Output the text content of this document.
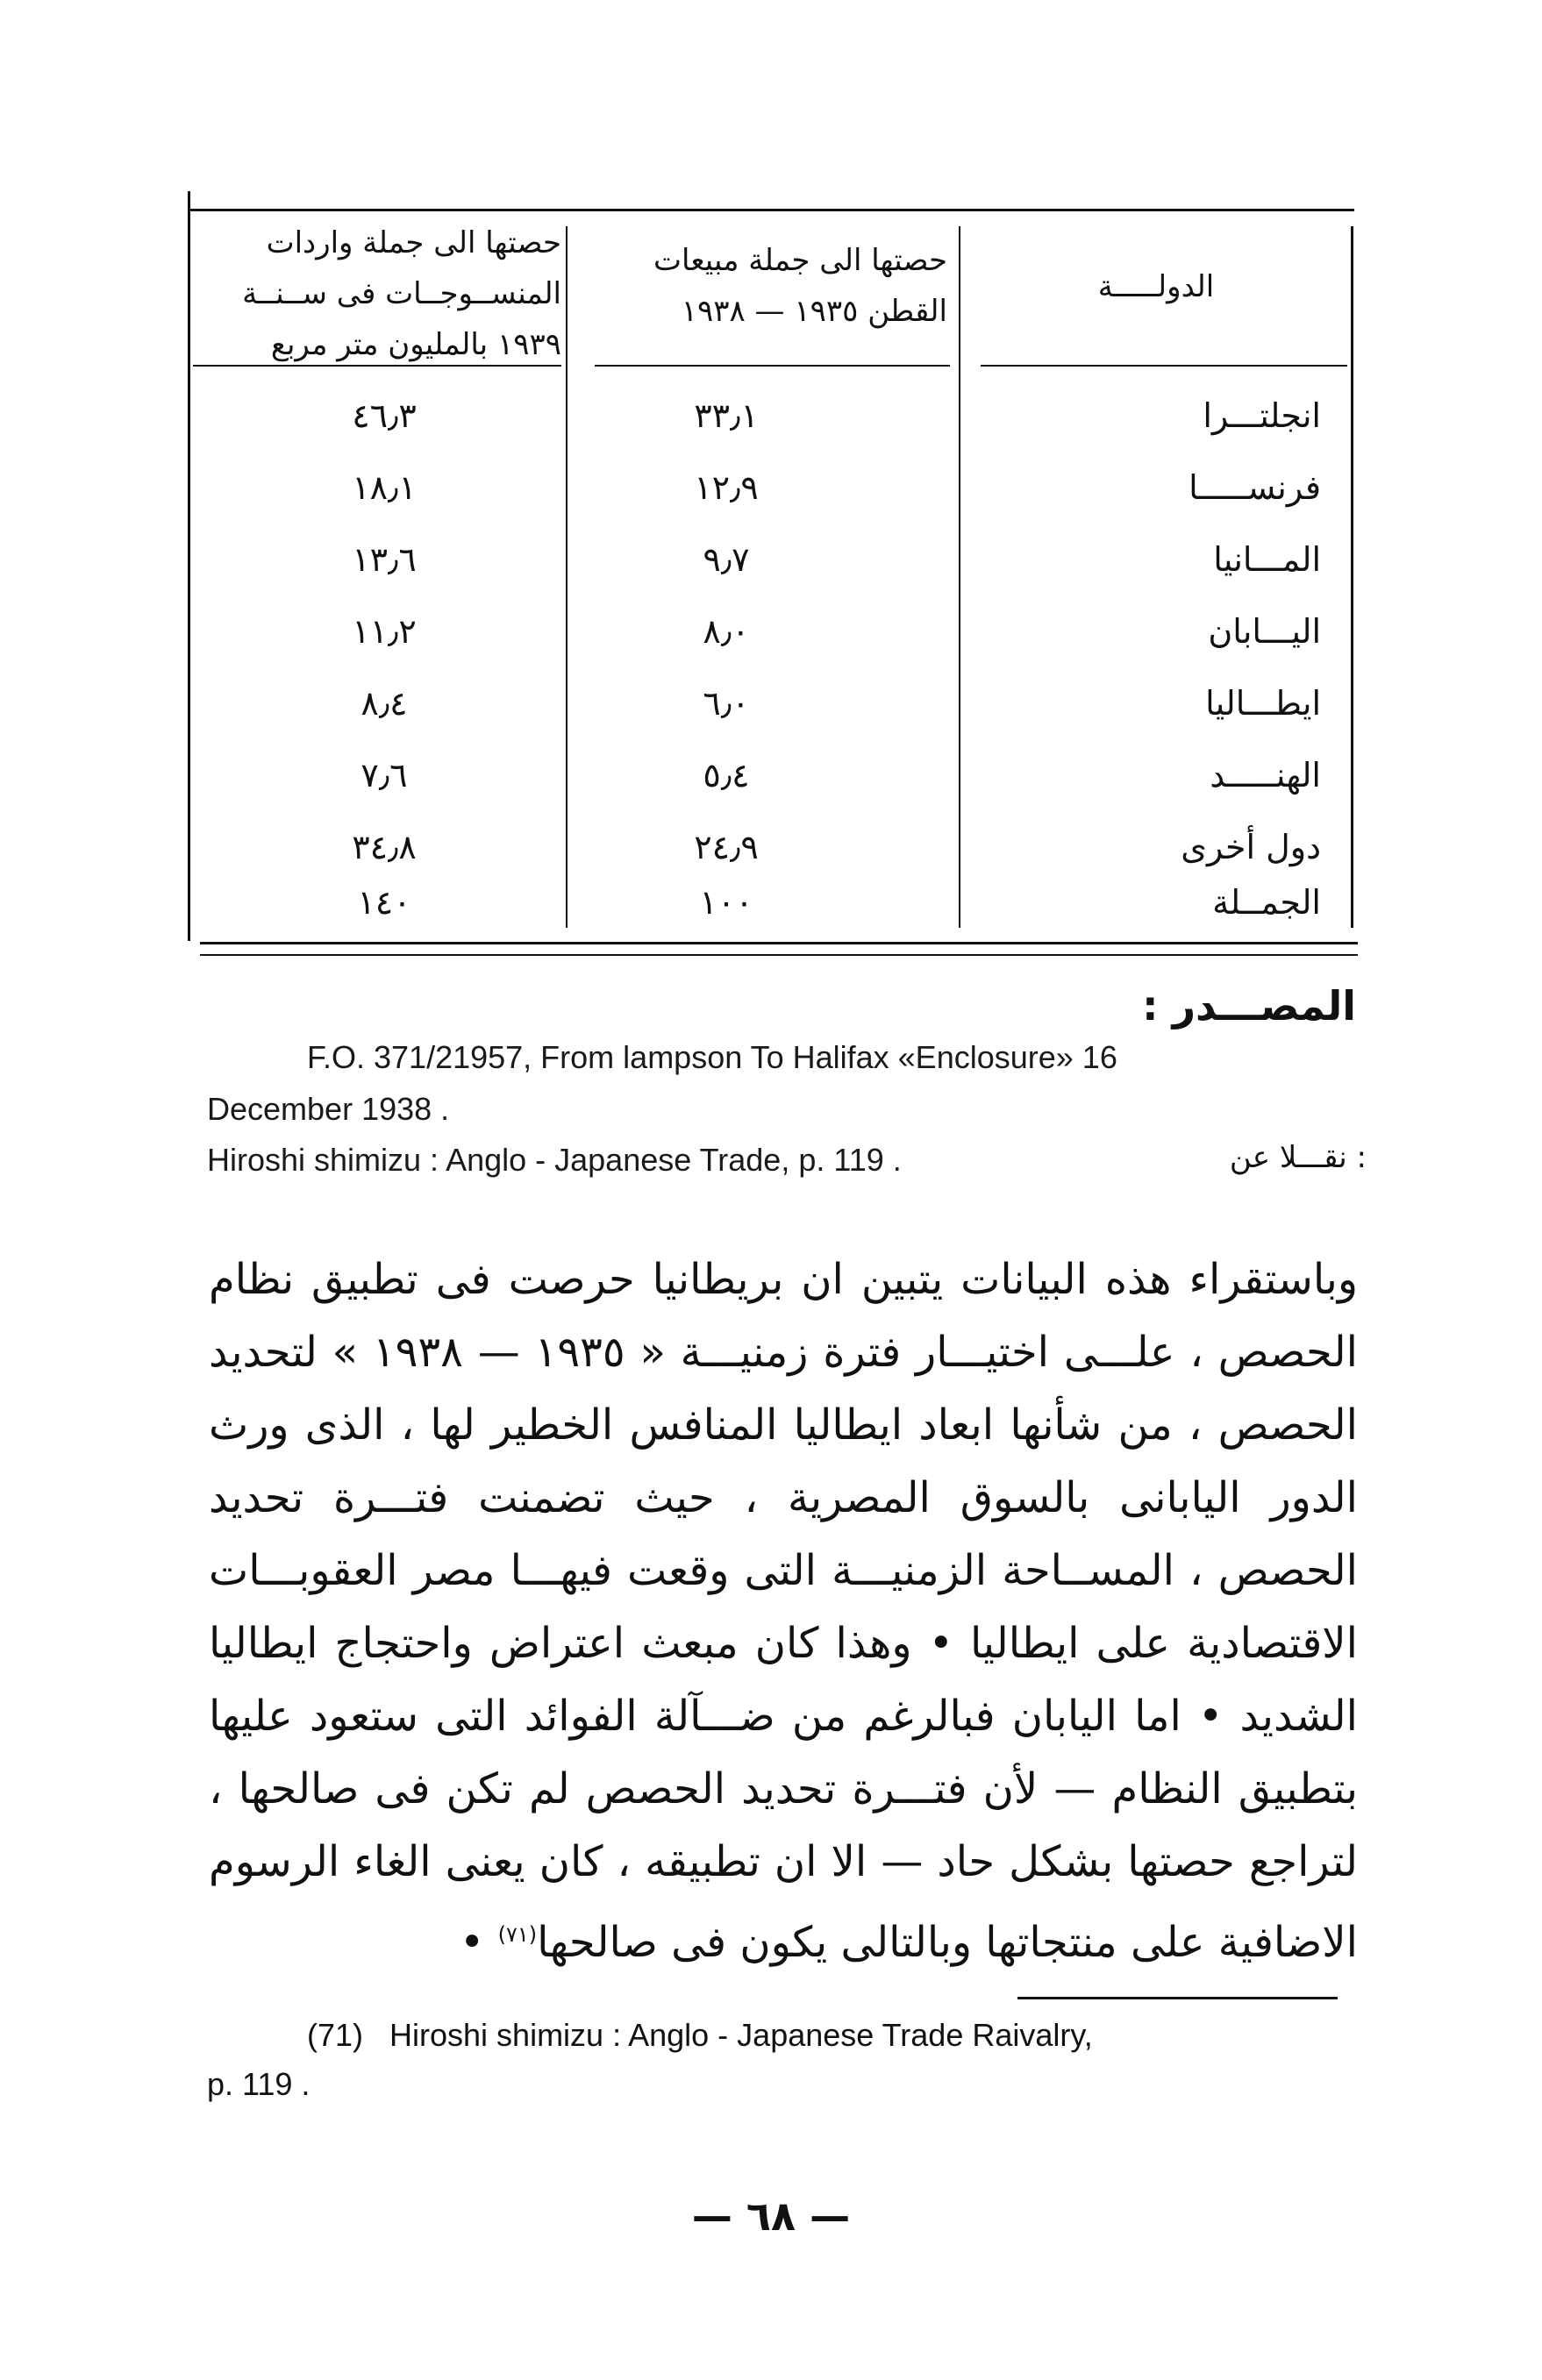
حصتها الى جملة واردات
المنســوجــات فى ســنــة
١٩٣٩ بالمليون متر مربع
حصتها الى جملة مبيعات
القطن ١٩٣٥ — ١٩٣٨
الدولـــــة
انجلتـــرا
٣٣٫١
٤٦٫٣
فرنســـــا
١٢٫٩
١٨٫١
المـــانيا
٩٫٧
١٣٫٦
اليـــابان
٨٫٠
١١٫٢
ايطـــاليا
٦٫٠
٨٫٤
الهنـــــد
٥٫٤
٧٫٦
دول أخرى
٢٤٫٩
٣٤٫٨
الجمــلة
١٠٠
١٤٠
المصـــدر :
F.O. 371/21957, From lampson To Halifax «Enclosure» 16
December 1938 .
Hiroshi shimizu : Anglo - Japanese Trade, p. 119 .	: نقـــلا عن
وباستقراء هذه البيانات يتبين ان بريطانيا حرصت فى تطبيق نظام الحصص ، علـــى اختيـــار فترة زمنيـــة « ١٩٣٥ — ١٩٣٨ » لتحديد الحصص ، من شأنها ابعاد ايطاليا المنافس الخطير لها ، الذى ورث الدور اليابانى بالسوق المصرية ، حيث تضمنت فتـــرة تحديد الحصص ، المســاحة الزمنيـــة التى وقعت فيهـــا مصر العقوبـــات الاقتصادية على ايطاليا • وهذا كان مبعث اعتراض واحتجاج ايطاليا الشديد • اما اليابان فبالرغم من ضـــآلة الفوائد التى ستعود عليها بتطبيق النظام — لأن فتـــرة تحديد الحصص لم تكن فى صالحها ، لتراجع حصتها بشكل حاد — الا ان تطبيقه ، كان يعنى الغاء الرسوم الاضافية على منتجاتها وبالتالى يكون فى صالحها$^{(٧١)}$ •
(71)   Hiroshi shimizu : Anglo - Japanese Trade Raivalry,
p. 119 .
— ٦٨ —
